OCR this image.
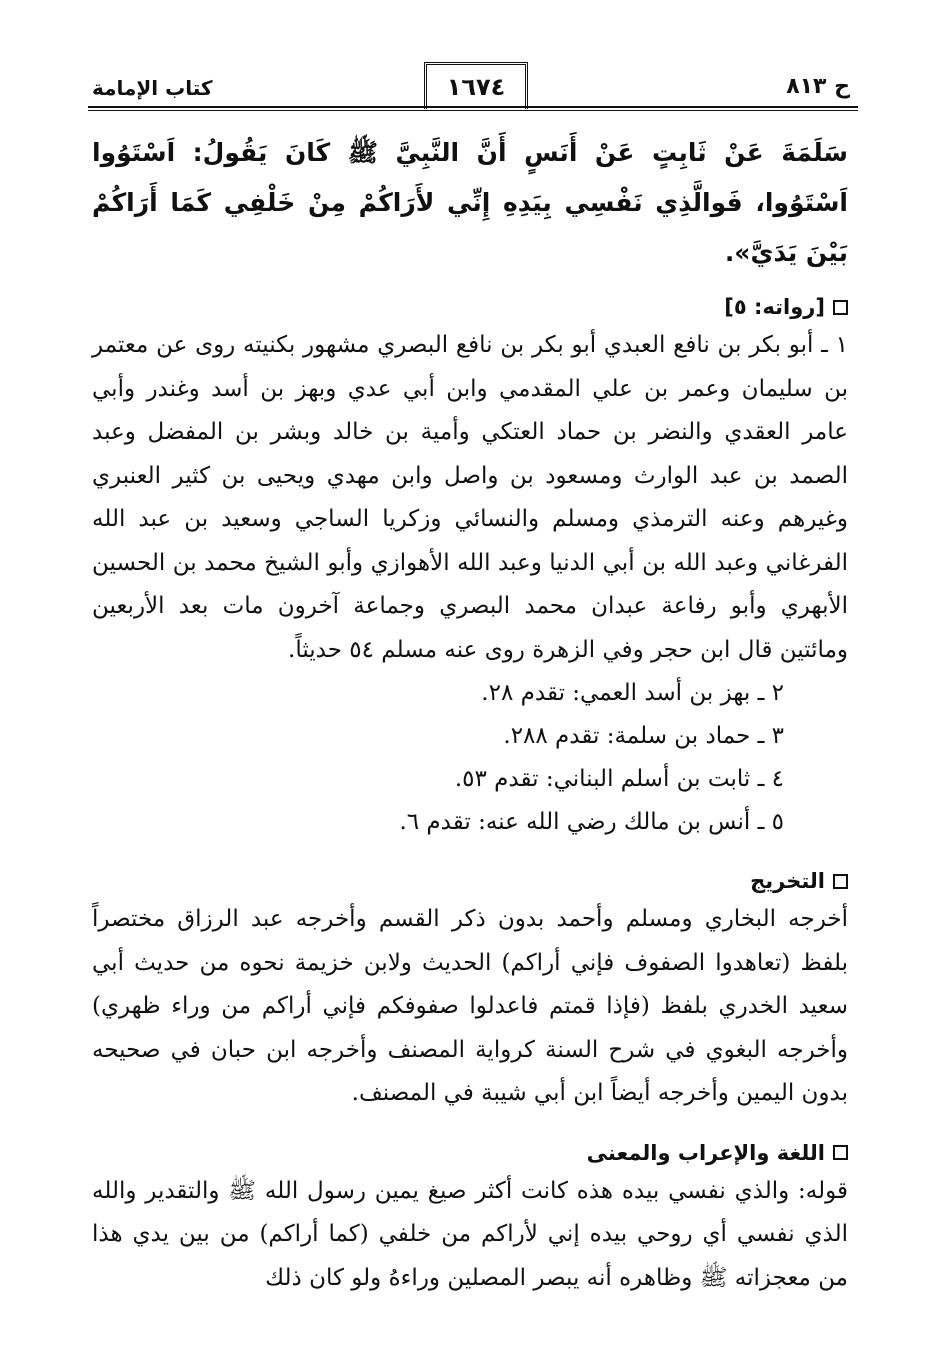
ح ٨١٣
١٦٧٤
كتاب الإمامة

سَلَمَةَ عَنْ ثَابِتٍ عَنْ أَنَسٍ أَنَّ النَّبِيَّ ﷺ كَانَ يَقُولُ: اَسْتَوُوا اَسْتَوُوا، فَوالَّذِي نَفْسِي بِيَدِهِ إِنِّي لأَرَاكُمْ مِنْ خَلْفِي كَمَا أَرَاكُمْ بَيْنَ يَدَيَّ».

[رواته: ٥]

١ ـ أبو بكر بن نافع العبدي أبو بكر بن نافع البصري مشهور بكنيته روى عن معتمر بن سليمان وعمر بن علي المقدمي وابن أبي عدي وبهز بن أسد وغندر وأبي عامر العقدي والنضر بن حماد العتكي وأمية بن خالد وبشر بن المفضل وعبد الصمد بن عبد الوارث ومسعود بن واصل وابن مهدي ويحيى بن كثير العنبري وغيرهم وعنه الترمذي ومسلم والنسائي وزكريا الساجي وسعيد بن عبد الله الفرغاني وعبد الله بن أبي الدنيا وعبد الله الأهوازي وأبو الشيخ محمد بن الحسين الأبهري وأبو رفاعة عبدان محمد البصري وجماعة آخرون مات بعد الأربعين ومائتين قال ابن حجر وفي الزهرة روى عنه مسلم ٥٤ حديثاً.

٢ ـ بهز بن أسد العمي: تقدم ٢٨.
٣ ـ حماد بن سلمة: تقدم ٢٨٨.
٤ ـ ثابت بن أسلم البناني: تقدم ٥٣.
٥ ـ أنس بن مالك رضي الله عنه: تقدم ٦.

التخريج

أخرجه البخاري ومسلم وأحمد بدون ذكر القسم وأخرجه عبد الرزاق مختصراً بلفظ (تعاهدوا الصفوف فإني أراكم) الحديث ولابن خزيمة نحوه من حديث أبي سعيد الخدري بلفظ (فإذا قمتم فاعدلوا صفوفكم فإني أراكم من وراء ظهري) وأخرجه البغوي في شرح السنة كرواية المصنف وأخرجه ابن حبان في صحيحه بدون اليمين وأخرجه أيضاً ابن أبي شيبة في المصنف.

اللغة والإعراب والمعنى

قوله: والذي نفسي بيده هذه كانت أكثر صيغ يمين رسول الله ﷺ والتقدير والله الذي نفسي أي روحي بيده إني لأراكم من خلفي (كما أراكم) من بين يدي هذا من معجزاته ﷺ وظاهره أنه يبصر المصلين وراءهُ ولو كان ذلك
